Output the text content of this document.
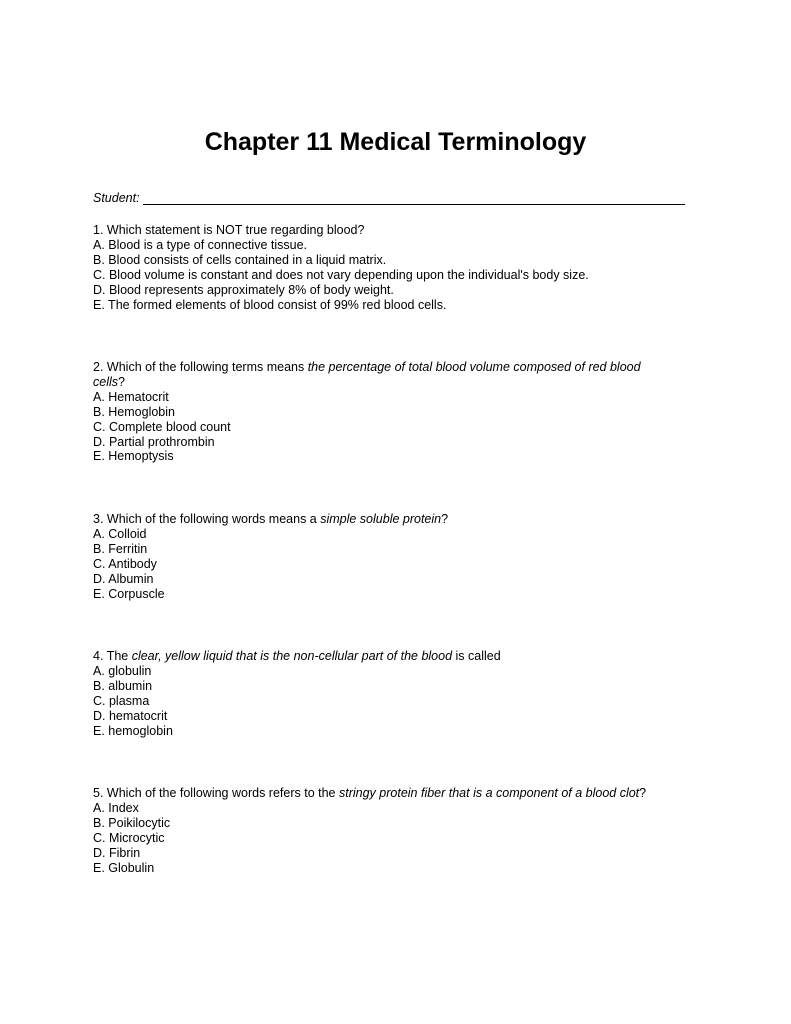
Chapter 11 Medical Terminology
Student:

1. Which statement is NOT true regarding blood?

A. Blood is a type of connective tissue.

B. Blood consists of cells contained in a liquid matrix.

C. Blood volume is constant and does not vary depending upon the individual's body size.

D. Blood represents approximately 8% of body weight.

E. The formed elements of blood consist of 99% red blood cells.

2. Which of the following terms means the percentage of total blood volume composed of red blood cells?

A. Hematocrit

B. Hemoglobin

C. Complete blood count

D. Partial prothrombin

E. Hemoptysis

3. Which of the following words means a simple soluble protein?

A. Colloid

B. Ferritin

C. Antibody

D. Albumin

E. Corpuscle

4. The clear, yellow liquid that is the non-cellular part of the blood is called

A. globulin

B. albumin

C. plasma

D. hematocrit

E. hemoglobin

5. Which of the following words refers to the stringy protein fiber that is a component of a blood clot?

A. Index

B. Poikilocytic

C. Microcytic

D. Fibrin

E. Globulin
